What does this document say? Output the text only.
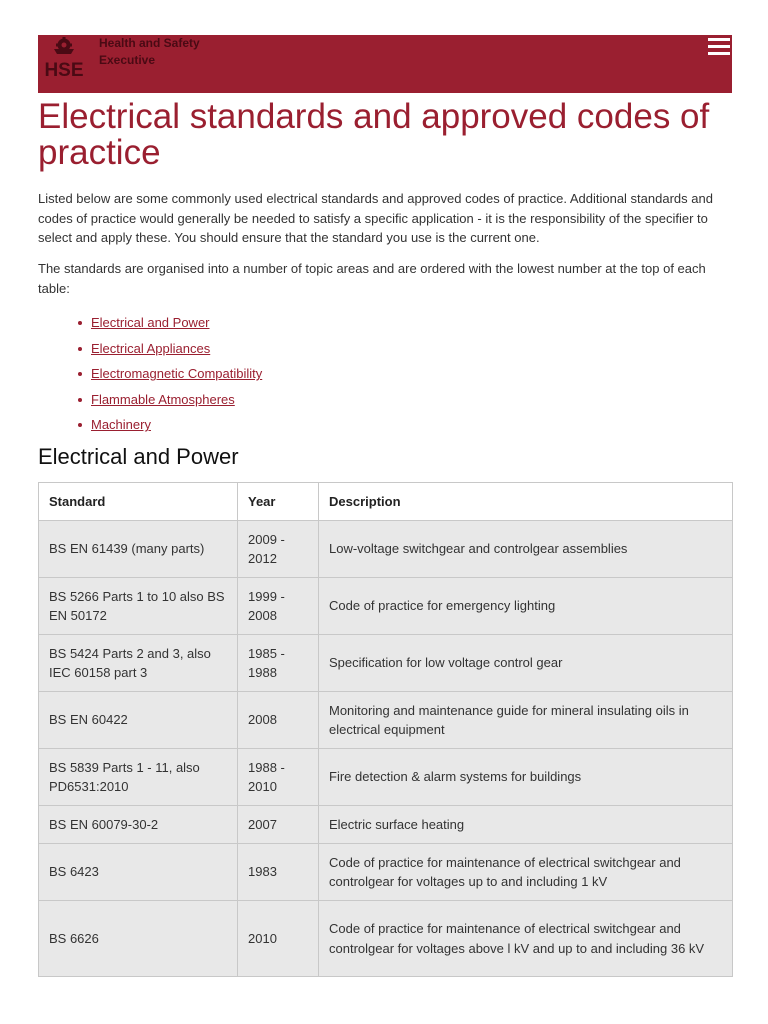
HSE
Health and Safety
Executive
Electrical standards and approved codes of practice

Listed below are some commonly used electrical standards and approved codes of practice. Additional standards and codes of practice would generally be needed to satisfy a specific application - it is the responsibility of the specifier to select and apply these. You should ensure that the standard you use is the current one.

The standards are organised into a number of topic areas and are ordered with the lowest number at the top of each table:

Electrical and Power
Electrical Appliances
Electromagnetic Compatibility
Flammable Atmospheres
Machinery
Electrical and Power
Standard	Year	Description
BS EN 61439 (many parts)	2009 - 2012	Low-voltage switchgear and controlgear assemblies
BS 5266 Parts 1 to 10 also BS EN 50172	1999 - 2008	Code of practice for emergency lighting
BS 5424 Parts 2 and 3, also IEC 60158 part 3	1985 - 1988	Specification for low voltage control gear
BS EN 60422	2008	Monitoring and maintenance guide for mineral insulating oils in electrical equipment
BS 5839 Parts 1 - 11, also PD6531:2010	1988 - 2010	Fire detection & alarm systems for buildings
BS EN 60079-30-2	2007	Electric surface heating
BS 6423	1983	Code of practice for maintenance of electrical switchgear and controlgear for voltages up to and including 1 kV
BS 6626	2010	Code of practice for maintenance of electrical switchgear and controlgear for voltages above l kV and up to and including 36 kV
